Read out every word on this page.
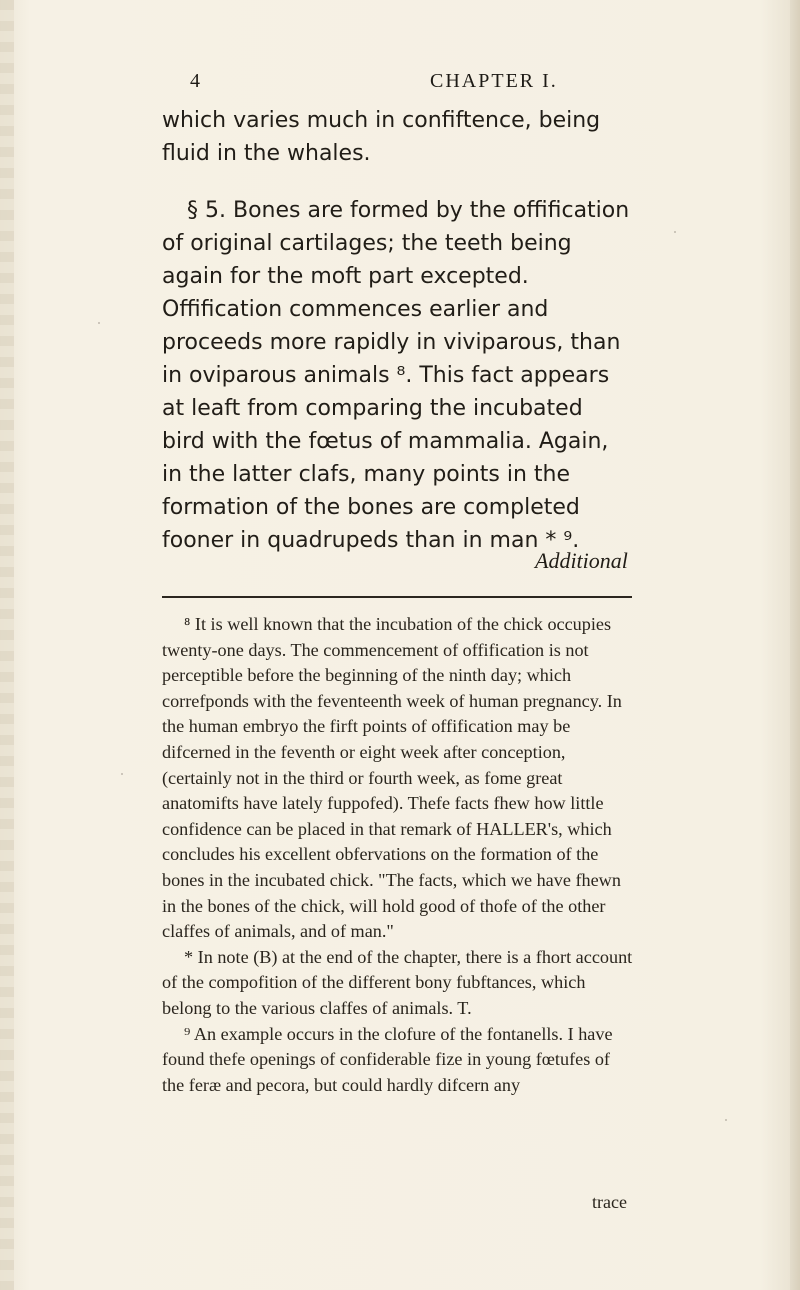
4	CHAPTER I.

which varies much in confiftence, being fluid in the whales.

§ 5. Bones are formed by the offification of original cartilages; the teeth being again for the moft part excepted. Offification commences earlier and proceeds more rapidly in viviparous, than in oviparous animals ⁸. This fact appears at leaft from comparing the incubated bird with the fœtus of mammalia. Again, in the latter clafs, many points in the formation of the bones are completed fooner in quadrupeds than in man * ⁹.

Additional

⁸ It is well known that the incubation of the chick occupies twenty-one days. The commencement of offification is not perceptible before the beginning of the ninth day; which correfponds with the feventeenth week of human pregnancy. In the human embryo the firft points of offification may be difcerned in the feventh or eight week after conception, (certainly not in the third or fourth week, as fome great anatomifts have lately fuppofed). Thefe facts fhew how little confidence can be placed in that remark of HALLER's, which concludes his excellent obfervations on the formation of the bones in the incubated chick. "The facts, which we have fhewn in the bones of the chick, will hold good of thofe of the other claffes of animals, and of man."

* In note (B) at the end of the chapter, there is a fhort account of the compofition of the different bony fubftances, which belong to the various claffes of animals. T.

⁹ An example occurs in the clofure of the fontanells. I have found thefe openings of confiderable fize in young fœtufes of the feræ and pecora, but could hardly difcern any

trace
